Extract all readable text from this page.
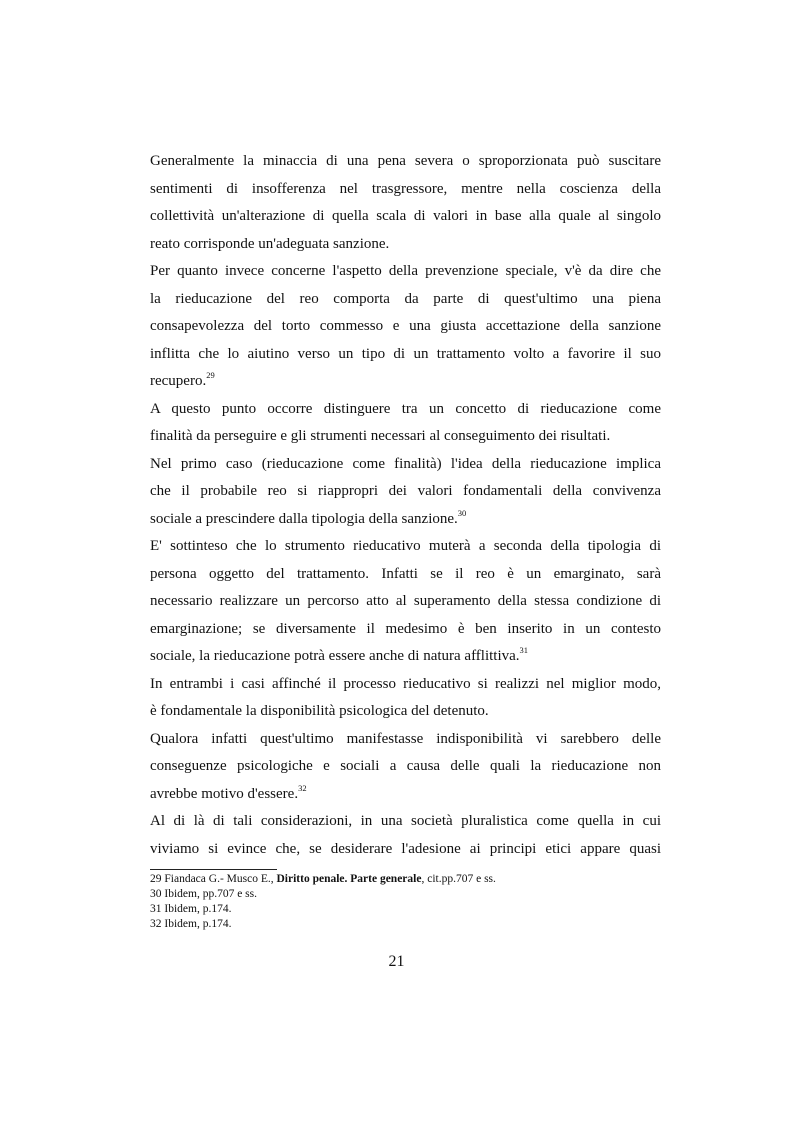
Generalmente la minaccia di una pena severa o sproporzionata può suscitare
sentimenti di insofferenza nel trasgressore, mentre nella coscienza della
collettività un'alterazione di quella scala di valori in base alla quale al singolo
reato corrisponde un'adeguata sanzione.

Per quanto invece concerne l'aspetto della prevenzione speciale, v'è da dire che
la rieducazione del reo comporta da parte di quest'ultimo una piena
consapevolezza del torto commesso e una giusta accettazione della sanzione
inflitta che lo aiutino verso un tipo di un trattamento volto a favorire il suo
recupero.$^{29}$

A questo punto occorre distinguere tra un concetto di rieducazione come
finalità da perseguire e gli strumenti necessari al conseguimento dei risultati.

Nel primo caso (rieducazione come finalità) l'idea della rieducazione implica
che il probabile reo si riappropri dei valori fondamentali della convivenza
sociale a prescindere dalla tipologia della sanzione.$^{30}$

E' sottinteso che lo strumento rieducativo muterà a seconda della tipologia di
persona oggetto del trattamento. Infatti se il reo è un emarginato, sarà
necessario realizzare un percorso atto al superamento della stessa condizione di
emarginazione; se diversamente il medesimo è ben inserito in un contesto
sociale, la rieducazione potrà essere anche di natura afflittiva.$^{31}$

In entrambi i casi affinché il processo rieducativo si realizzi nel miglior modo,
è fondamentale la disponibilità psicologica del detenuto.

Qualora infatti quest'ultimo manifestasse indisponibilità vi sarebbero delle
conseguenze psicologiche e sociali a causa delle quali la rieducazione non
avrebbe motivo d'essere.$^{32}$

Al di là di tali considerazioni, in una società pluralistica come quella in cui
viviamo si evince che, se desiderare l'adesione ai principi etici appare quasi

29 Fiandaca G.- Musco E., Diritto penale. Parte generale, cit.pp.707 e ss.
30 Ibidem, pp.707 e ss.
31 Ibidem, p.174.
32 Ibidem, p.174.
21
